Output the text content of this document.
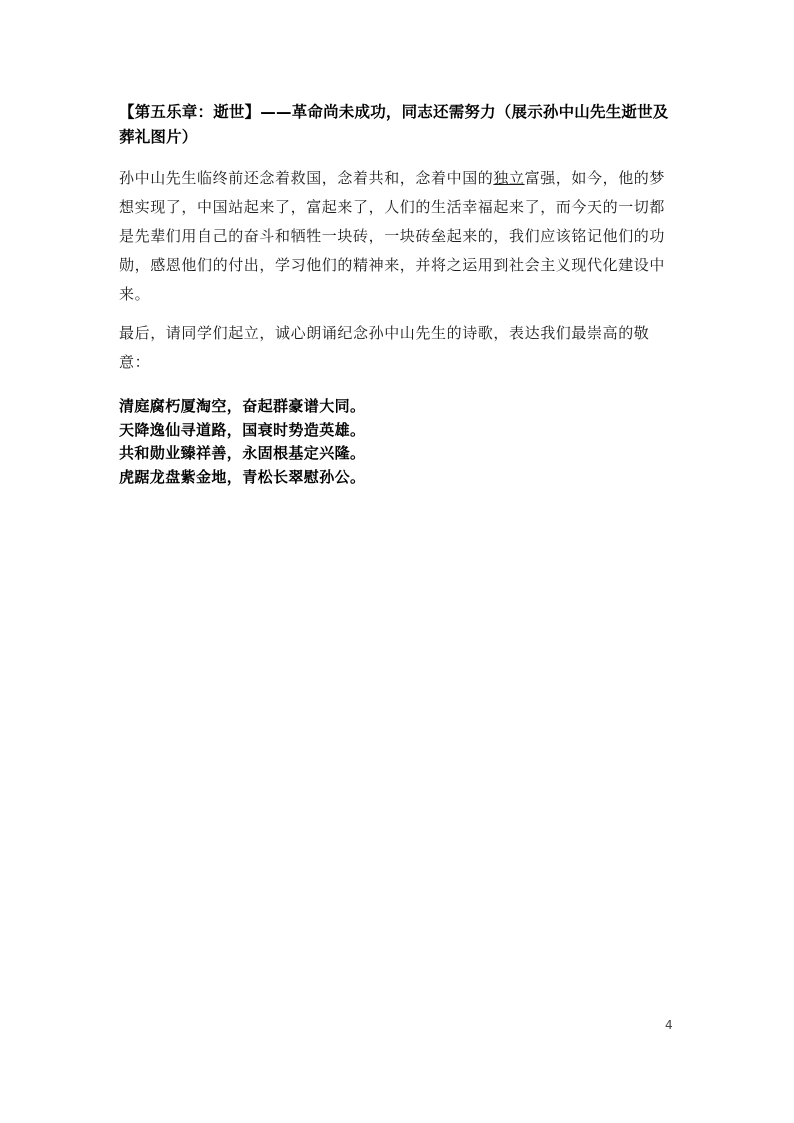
【第五乐章：逝世】——革命尚未成功，同志还需努力（展示孙中山先生逝世及葬礼图片）

孙中山先生临终前还念着救国，念着共和，念着中国的独立富强，如今，他的梦想实现了，中国站起来了，富起来了，人们的生活幸福起来了，而今天的一切都是先辈们用自己的奋斗和牺牲一块砖，一块砖垒起来的，我们应该铭记他们的功勋，感恩他们的付出，学习他们的精神来，并将之运用到社会主义现代化建设中来。

最后，请同学们起立，诚心朗诵纪念孙中山先生的诗歌，表达我们最崇高的敬意：

清庭腐朽厦淘空，奋起群豪谱大同。

天降逸仙寻道路，国衰时势造英雄。

共和勋业臻祥善，永固根基定兴隆。

虎踞龙盘紫金地，青松长翠慰孙公。

4
